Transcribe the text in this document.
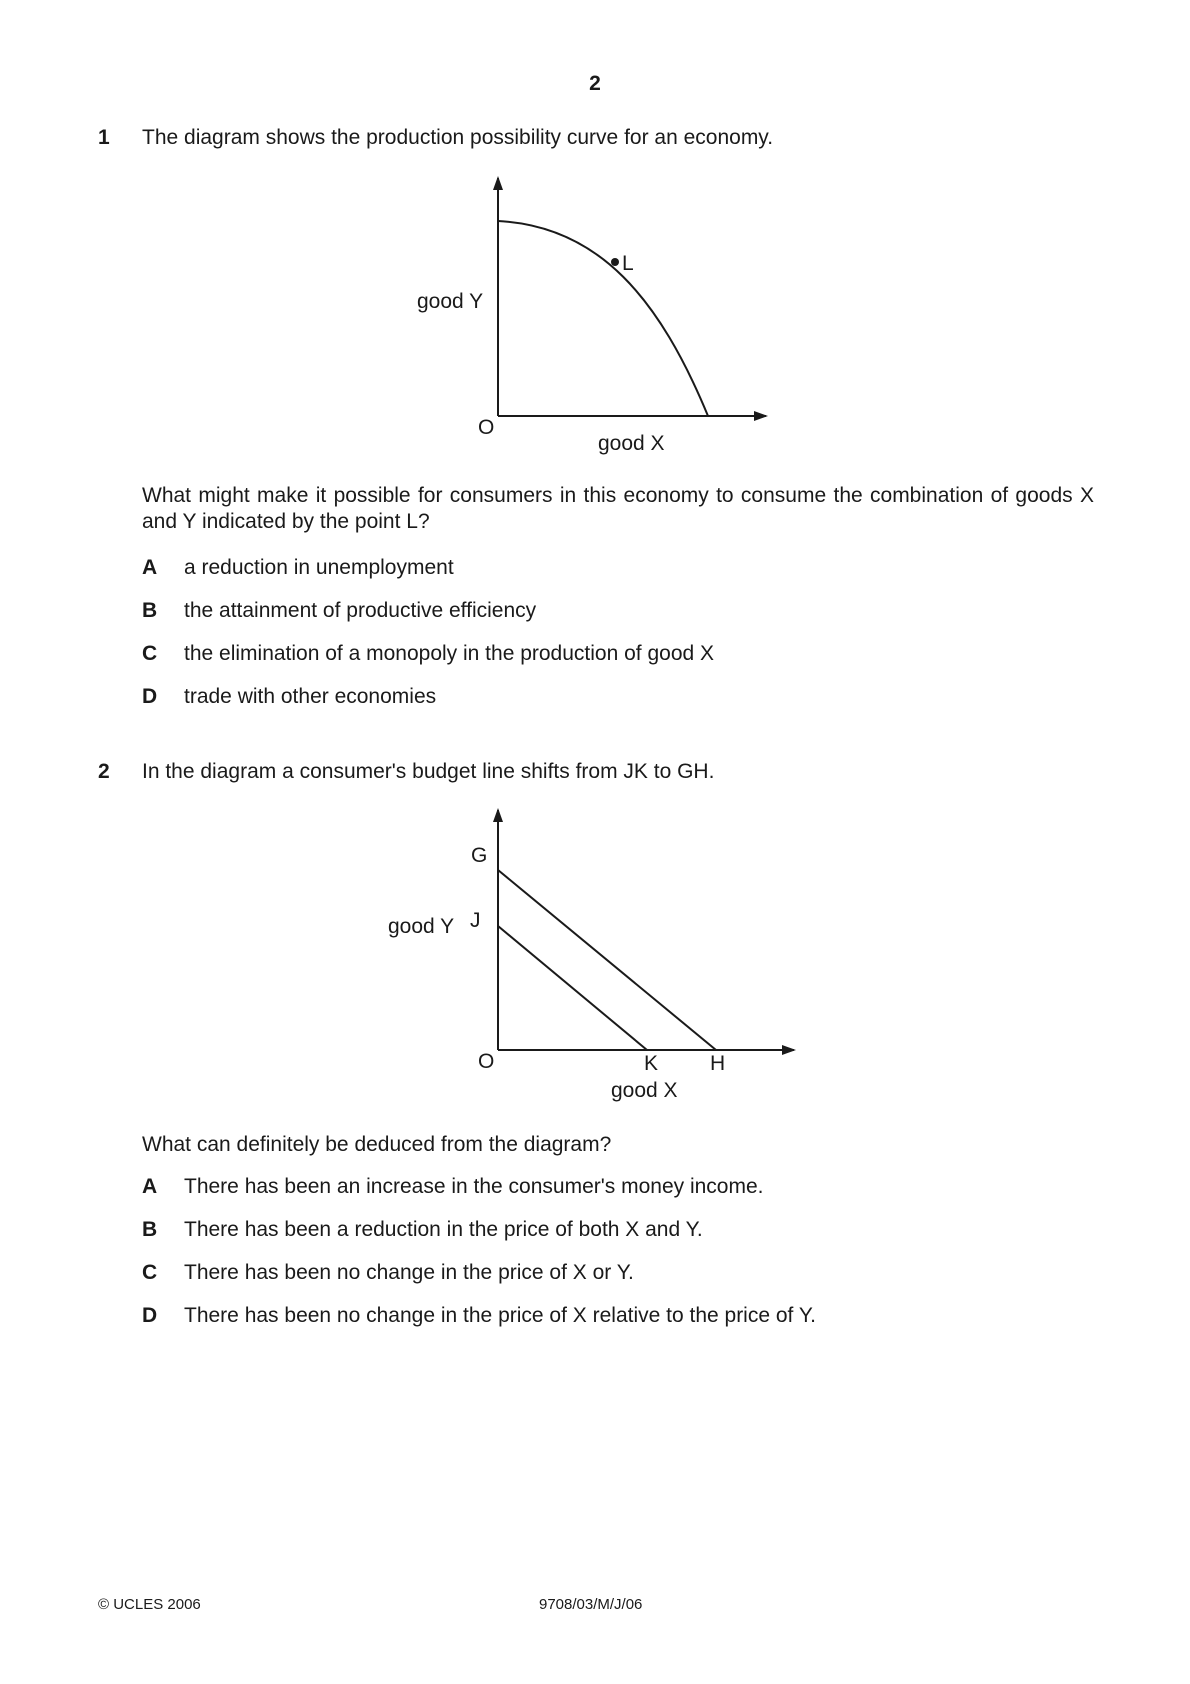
2
1 The diagram shows the production possibility curve for an economy.
L
good Y
O
good X
What might make it possible for consumers in this economy to consume the combination of goods X and Y indicated by the point L?
A a reduction in unemployment
B the attainment of productive efficiency
C the elimination of a monopoly in the production of good X
D trade with other economies
2 In the diagram a consumer's budget line shifts from JK to GH.
G
J
good Y
O	K H
good X
What can definitely be deduced from the diagram?
A There has been an increase in the consumer's money income.
B There has been a reduction in the price of both X and Y.
C There has been no change in the price of X or Y.
D There has been no change in the price of X relative to the price of Y.
© UCLES 2006	9708/03/M/J/06
